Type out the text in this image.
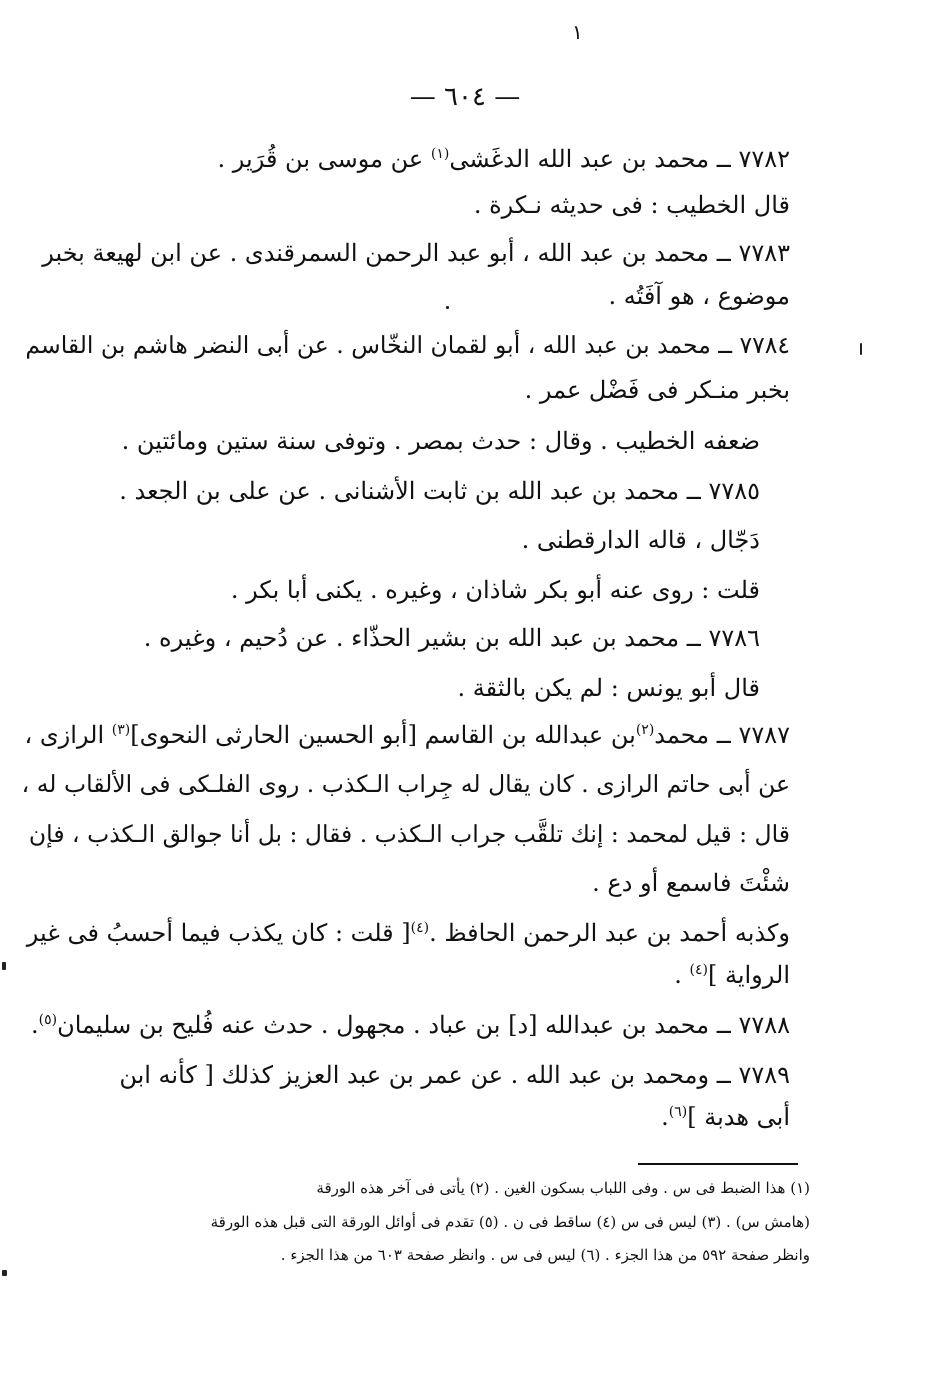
۱
— ٦٠٤ —
٧٧٨٢ ــ محمد بن عبد الله الدغَشى$^{(١)}$ عن موسى بن قُرَير .
قال الخطيب : فى حديثه نـكرة .
٧٧٨٣ ــ محمد بن عبد الله ، أبو عبد الرحمن السمرقندى . عن ابن لهيعة بخبر
موضوع ، هو آفَتُه .
٧٧٨٤ ــ محمد بن عبد الله ، أبو لقمان النخّاس . عن أبى النضر هاشم بن القاسم
بخبر منـكر فى فَضْل عمر .
ضعفه الخطيب . وقال : حدث بمصر . وتوفى سنة ستين ومائتين .
٧٧٨٥ ــ محمد بن عبد الله بن ثابت الأشنانى . عن على بن الجعد .
دَجّال ، قاله الدارقطنى .
قلت : روى عنه أبو بكر شاذان ، وغيره . يكنى أبا بكر .
٧٧٨٦ ــ محمد بن عبد الله بن بشير الحذّاء . عن دُحيم ، وغيره .
قال أبو يونس : لم يكن بالثقة .
٧٧٨٧ ــ محمد$^{(٢)}$بن عبدالله بن القاسم [أبو الحسين الحارثى النحوى]$^{(٣)}$ الرازى ،
عن أبى حاتم الرازى . كان يقال له جِراب الـكذب . روى الفلـكى فى الألقاب له ،
قال : قيل لمحمد : إنك تلقَّب جراب الـكذب . فقال : بل أنا جوالق الـكذب ، فإن
شئْتَ فاسمع أو دع .
وكذبه أحمد بن عبد الرحمن الحافظ .$^{(٤)}$[ قلت : كان يكذب فيما أحسبُ فى غير
الرواية ]$^{(٤)}$ .
٧٧٨٨ ــ محمد بن عبدالله [د] بن عباد . مجهول . حدث عنه فُليح بن سليمان$^{(٥)}$.
٧٧٨٩ ــ ومحمد بن عبد الله . عن عمر بن عبد العزيز كذلك [ كأنه ابن
أبى هدبة ]$^{(٦)}$.
(١) هذا الضبط فى س . وفى اللباب بسكون الغين . (٢) يأتى فى آخر هذه الورقة
(هامش س) . (٣) ليس فى س (٤) ساقط فى ن . (٥) تقدم فى أوائل الورقة التى قبل هذه الورقة
وانظر صفحة ٥٩٢ من هذا الجزء . (٦) ليس فى س . وانظر صفحة ٦٠٣ من هذا الجزء .
